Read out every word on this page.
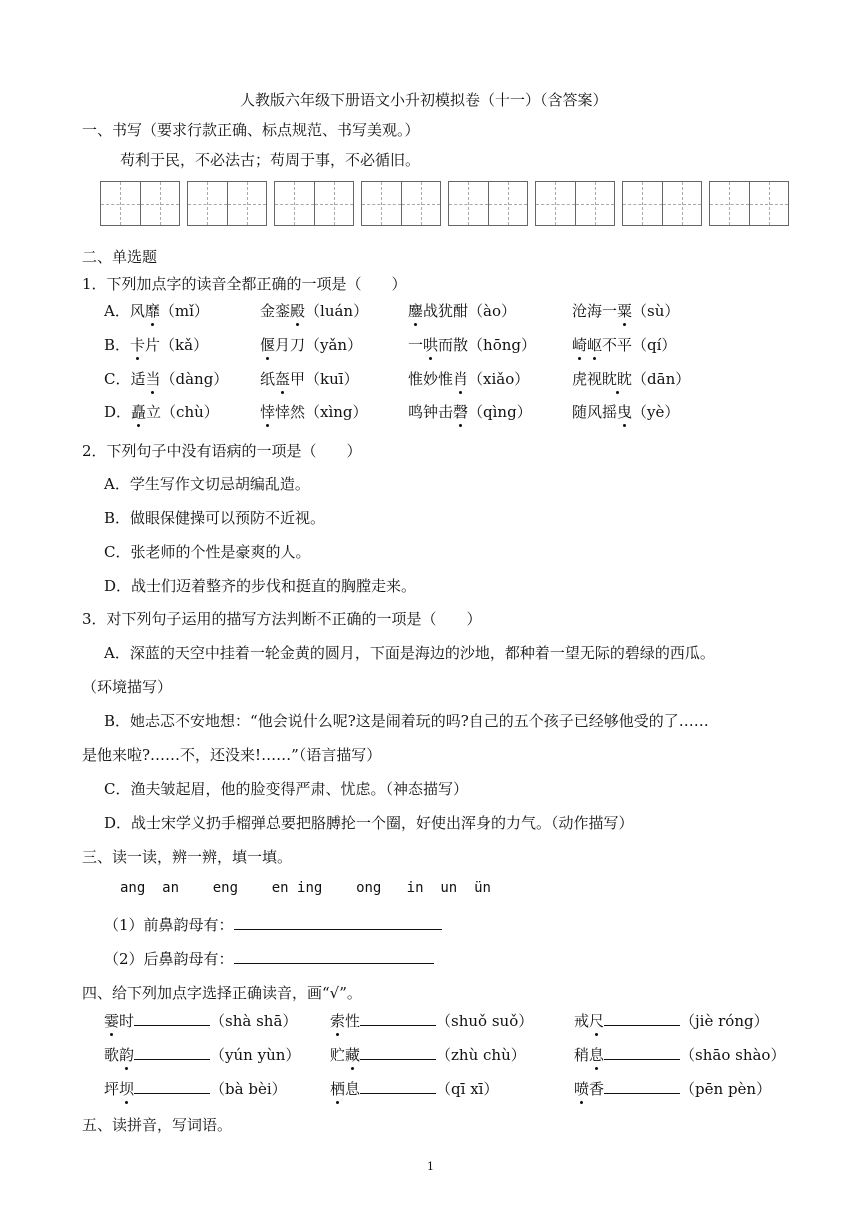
人教版六年级下册语文小升初模拟卷（十一）（含答案）
一、书写（要求行款正确、标点规范、书写美观。）
苟利于民，不必法古；苟周于事，不必循旧。
二、单选题
1．下列加点字的读音全都正确的一项是（　　）
A．风靡（mǐ）	金銮殿（luán）	鏖战犹酣（ào）	沧海一粟（sù）
B．卡片（kǎ）	偃月刀（yǎn）	一哄而散（hōng） 崎岖不平（qí）
C．适当（dàng） 纸盔甲（kuī）	惟妙惟肖（xiǎo）	虎视眈眈（dān）
D．矗立（chù）	悻悻然（xìng）	鸣钟击磬（qìng）	随风摇曳（yè）
2．下列句子中没有语病的一项是（　　）
A．学生写作文切忌胡编乱造。
B．做眼保健操可以预防不近视。
C．张老师的个性是豪爽的人。
D．战士们迈着整齐的步伐和挺直的胸膛走来。
3．对下列句子运用的描写方法判断不正确的一项是（　　）
A．深蓝的天空中挂着一轮金黄的圆月，下面是海边的沙地，都种着一望无际的碧绿的西瓜。
（环境描写）
B．她忐忑不安地想：“他会说什么呢?这是闹着玩的吗?自己的五个孩子已经够他受的了……
是他来啦?……不，还没来!……”（语言描写）
C．渔夫皱起眉，他的脸变得严肃、忧虑。（神态描写）
D．战士宋学义扔手榴弹总要把胳膊抡一个圈，好使出浑身的力气。（动作描写）
三、读一读，辨一辨，填一填。
ang an eng en ing ong in un ün
（1）前鼻韵母有：
（2）后鼻韵母有：
四、给下列加点字选择正确读音，画“√”。
霎时	（shà shā） 索性	（shuǒ suǒ）	戒尺	（jiè róng）
歌韵	（yún yùn） 贮藏	（zhù chù）	稍息	（shāo shào）
坪坝	（bà bèi）	栖息	（qī xī）	喷香	（pēn pèn）
五、读拼音，写词语。
1
